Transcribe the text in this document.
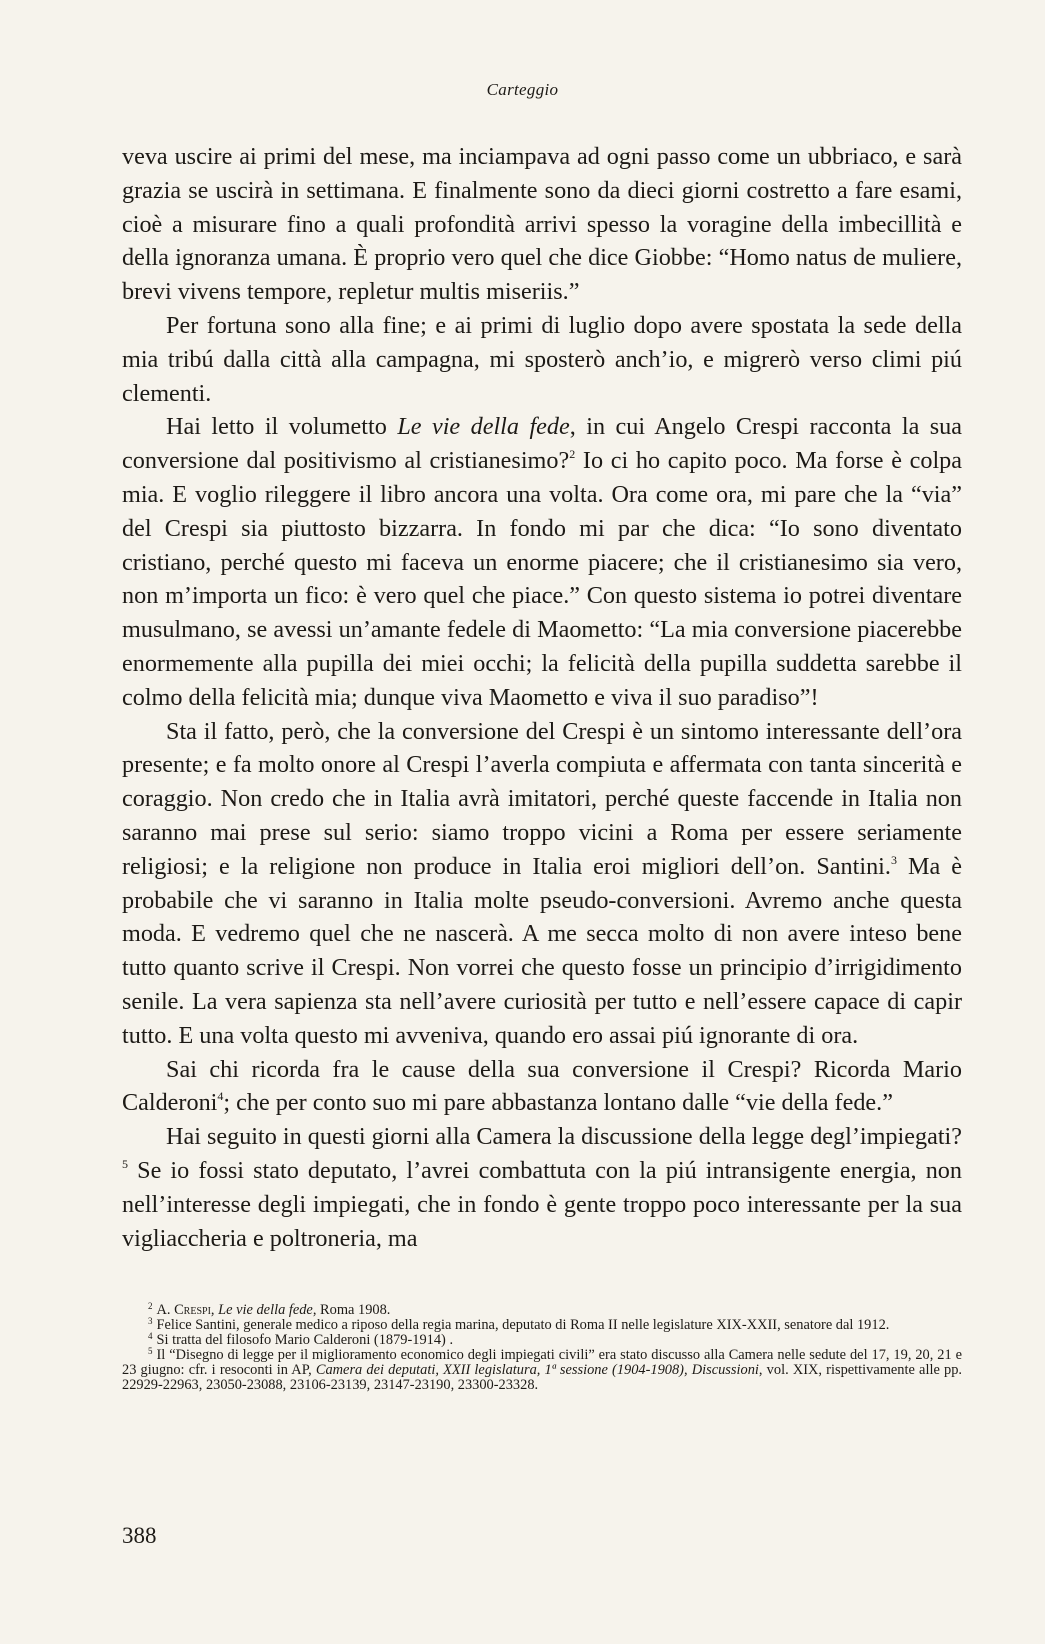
Carteggio

veva uscire ai primi del mese, ma inciampava ad ogni passo come un ubbriaco, e sarà grazia se uscirà in settimana. E finalmente sono da dieci giorni costretto a fare esami, cioè a misurare fino a quali profondità arrivi spesso la voragine della imbecillità e della ignoranza umana. È proprio vero quel che dice Giobbe: “Homo natus de muliere, brevi vivens tempore, repletur multis miseriis.”

Per fortuna sono alla fine; e ai primi di luglio dopo avere spostata la sede della mia tribú dalla città alla campagna, mi sposterò anch’io, e migrerò verso climi piú clementi.

Hai letto il volumetto Le vie della fede, in cui Angelo Crespi racconta la sua conversione dal positivismo al cristianesimo?$^2$ Io ci ho capito poco. Ma forse è colpa mia. E voglio rileggere il libro ancora una volta. Ora come ora, mi pare che la “via” del Crespi sia piuttosto bizzarra. In fondo mi par che dica: “Io sono diventato cristiano, perché questo mi faceva un enorme piacere; che il cristianesimo sia vero, non m’importa un fico: è vero quel che piace.” Con questo sistema io potrei diventare musulmano, se avessi un’amante fedele di Maometto: “La mia conversione piacerebbe enormemente alla pupilla dei miei occhi; la felicità della pupilla suddetta sarebbe il colmo della felicità mia; dunque viva Maometto e viva il suo paradiso”!

Sta il fatto, però, che la conversione del Crespi è un sintomo interessante dell’ora presente; e fa molto onore al Crespi l’averla compiuta e affermata con tanta sincerità e coraggio. Non credo che in Italia avrà imitatori, perché queste faccende in Italia non saranno mai prese sul serio: siamo troppo vicini a Roma per essere seriamente religiosi; e la religione non produce in Italia eroi migliori dell’on. Santini.$^3$ Ma è probabile che vi saranno in Italia molte pseudo-conversioni. Avremo anche questa moda. E vedremo quel che ne nascerà. A me secca molto di non avere inteso bene tutto quanto scrive il Crespi. Non vorrei che questo fosse un principio d’irrigidimento senile. La vera sapienza sta nell’avere curiosità per tutto e nell’essere capace di capir tutto. E una volta questo mi avveniva, quando ero assai piú ignorante di ora.

Sai chi ricorda fra le cause della sua conversione il Crespi? Ricorda Mario Calderoni$^4$; che per conto suo mi pare abbastanza lontano dalle “vie della fede.”

Hai seguito in questi giorni alla Camera la discussione della legge degl’impiegati?$^5$ Se io fossi stato deputato, l’avrei combattuta con la piú intransigente energia, non nell’interesse degli impiegati, che in fondo è gente troppo poco interessante per la sua vigliaccheria e poltroneria, ma

$^2$ A. Crespi, Le vie della fede, Roma 1908.

$^3$ Felice Santini, generale medico a riposo della regia marina, deputato di Roma II nelle legislature XIX-XXII, senatore dal 1912.

$^4$ Si tratta del filosofo Mario Calderoni (1879-1914) .

$^5$ Il “Disegno di legge per il miglioramento economico degli impiegati civili” era stato discusso alla Camera nelle sedute del 17, 19, 20, 21 e 23 giugno: cfr. i resoconti in AP, Camera dei deputati, XXII legislatura, 1ª sessione (1904-1908), Discussioni, vol. XIX, rispettivamente alle pp. 22929-22963, 23050-23088, 23106-23139, 23147-23190, 23300-23328.

388
